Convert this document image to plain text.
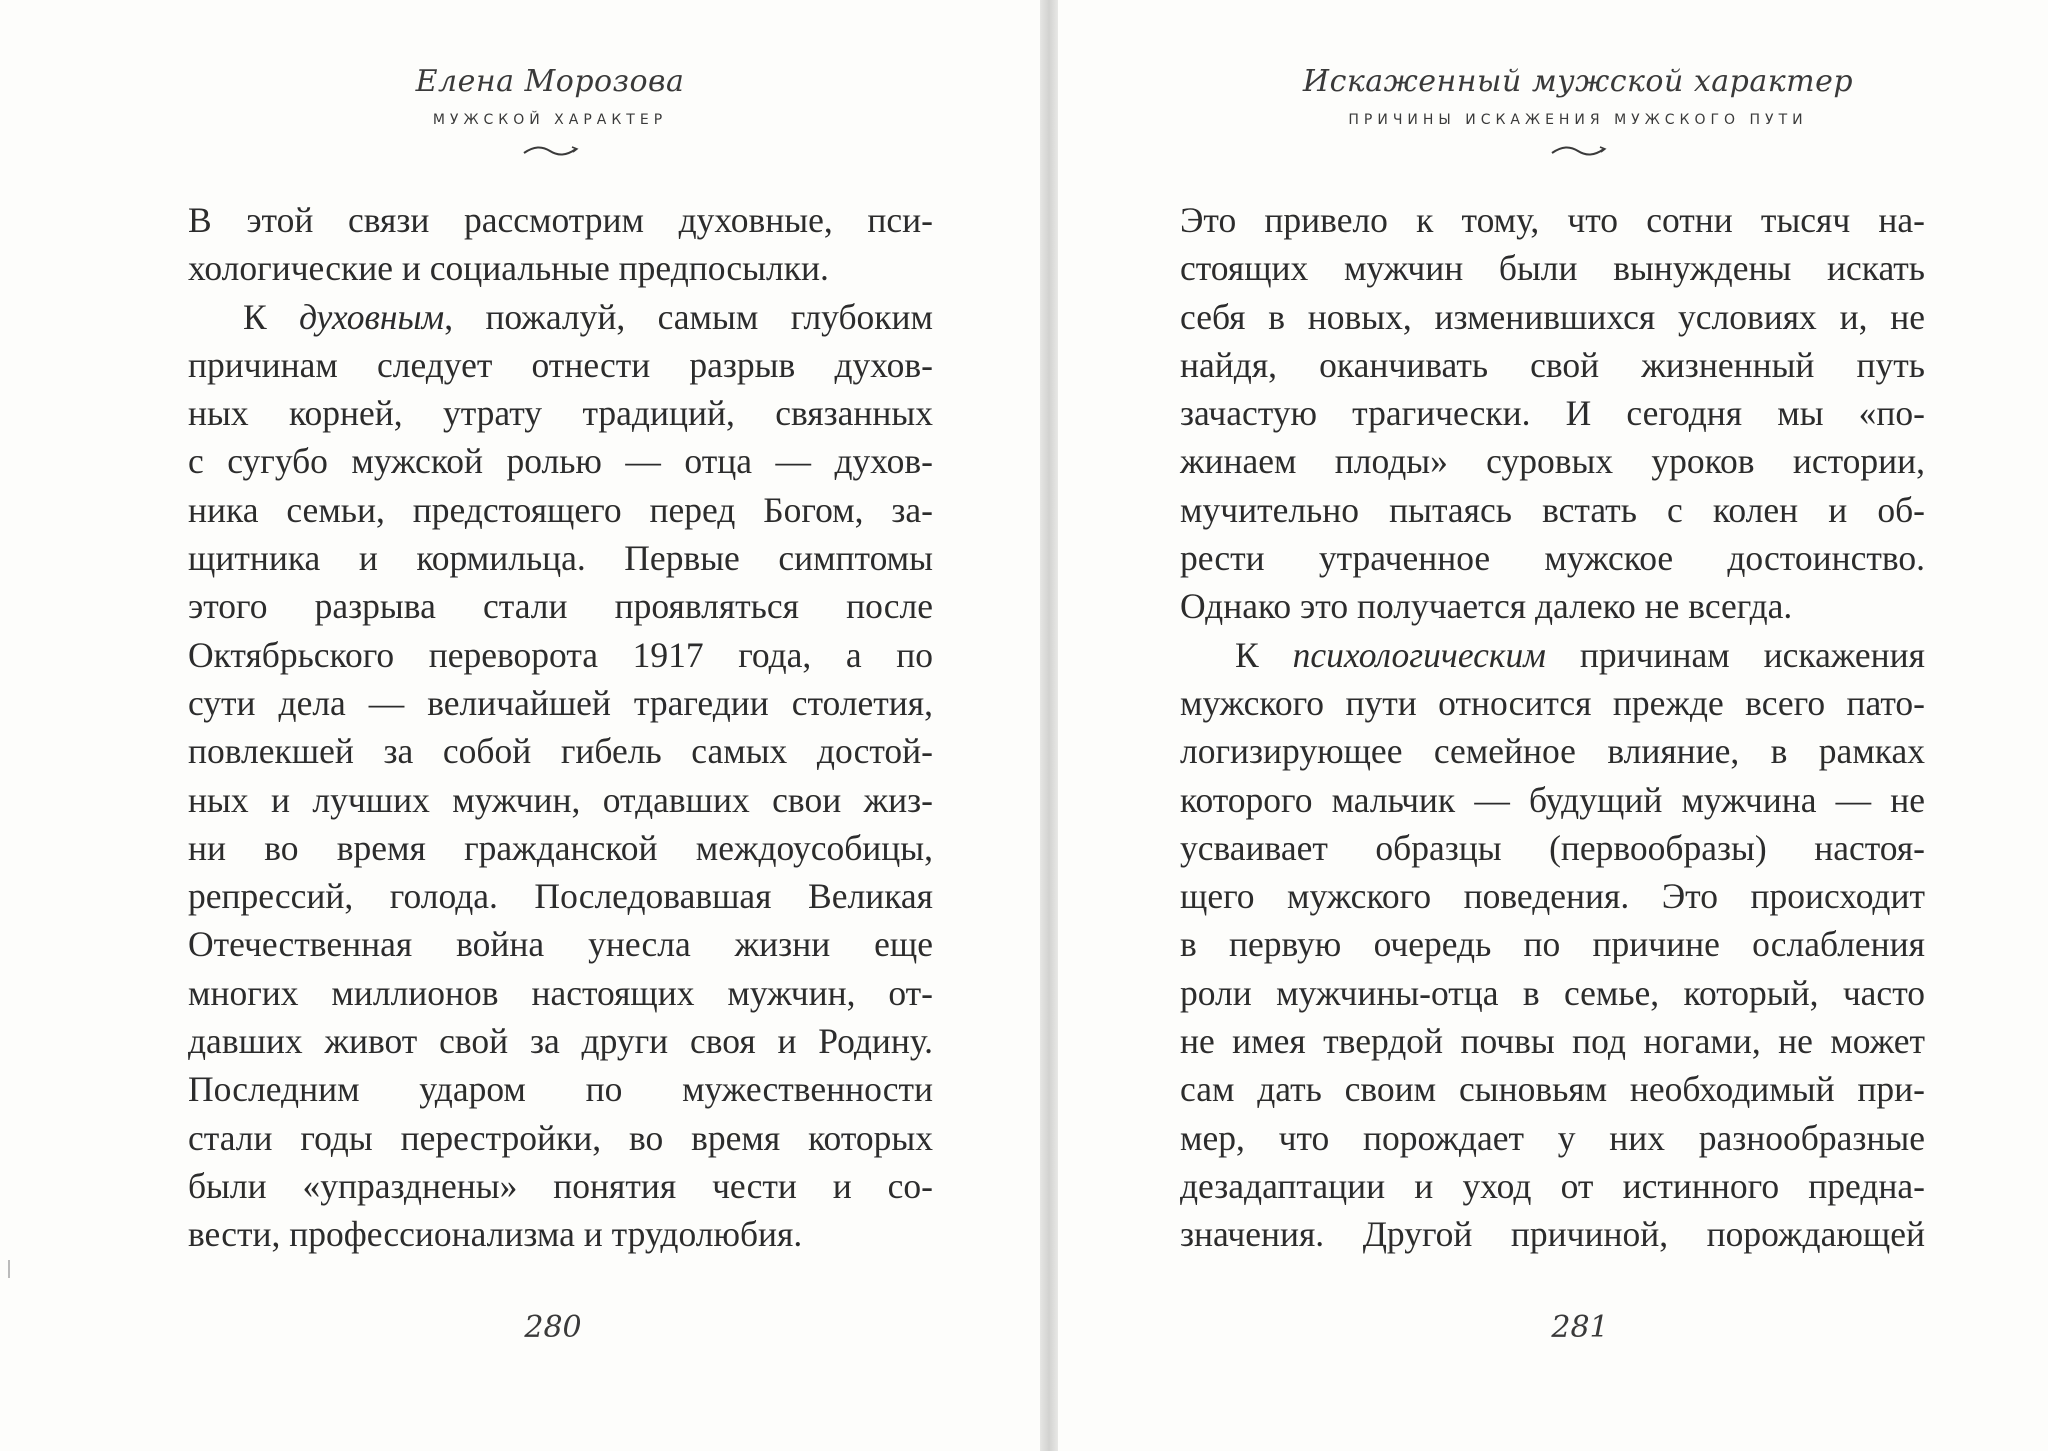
Елена Морозова
МУЖСКОЙ ХАРАКТЕР
В этой связи рассмотрим духовные, пси-
хологические и социальные предпосылки.
К духовным, пожалуй, самым глубоким
причинам следует отнести разрыв духов-
ных корней, утрату традиций, связанных
с сугубо мужской ролью — отца — духов-
ника семьи, предстоящего перед Богом, за-
щитника и кормильца. Первые симптомы
этого разрыва стали проявляться после
Октябрьского переворота 1917 года, а по
сути дела — величайшей трагедии столетия,
повлекшей за собой гибель самых достой-
ных и лучших мужчин, отдавших свои жиз-
ни во время гражданской междоусобицы,
репрессий, голода. Последовавшая Великая
Отечественная война унесла жизни еще
многих миллионов настоящих мужчин, от-
давших живот свой за други своя и Родину.
Последним ударом по мужественности
стали годы перестройки, во время которых
были «упразднены» понятия чести и со-
вести, профессионализма и трудолюбия.
280
Искаженный мужской характер
ПРИЧИНЫ ИСКАЖЕНИЯ МУЖСКОГО ПУТИ
Это привело к тому, что сотни тысяч на-
стоящих мужчин были вынуждены искать
себя в новых, изменившихся условиях и, не
найдя, оканчивать свой жизненный путь
зачастую трагически. И сегодня мы «по-
жинаем плоды» суровых уроков истории,
мучительно пытаясь встать с колен и об-
рести утраченное мужское достоинство.
Однако это получается далеко не всегда.
К психологическим причинам искажения
мужского пути относится прежде всего пато-
логизирующее семейное влияние, в рамках
которого мальчик — будущий мужчина — не
усваивает образцы (первообразы) настоя-
щего мужского поведения. Это происходит
в первую очередь по причине ослабления
роли мужчины-отца в семье, который, часто
не имея твердой почвы под ногами, не может
сам дать своим сыновьям необходимый при-
мер, что порождает у них разнообразные
дезадаптации и уход от истинного предна-
значения. Другой причиной, порождающей
281
